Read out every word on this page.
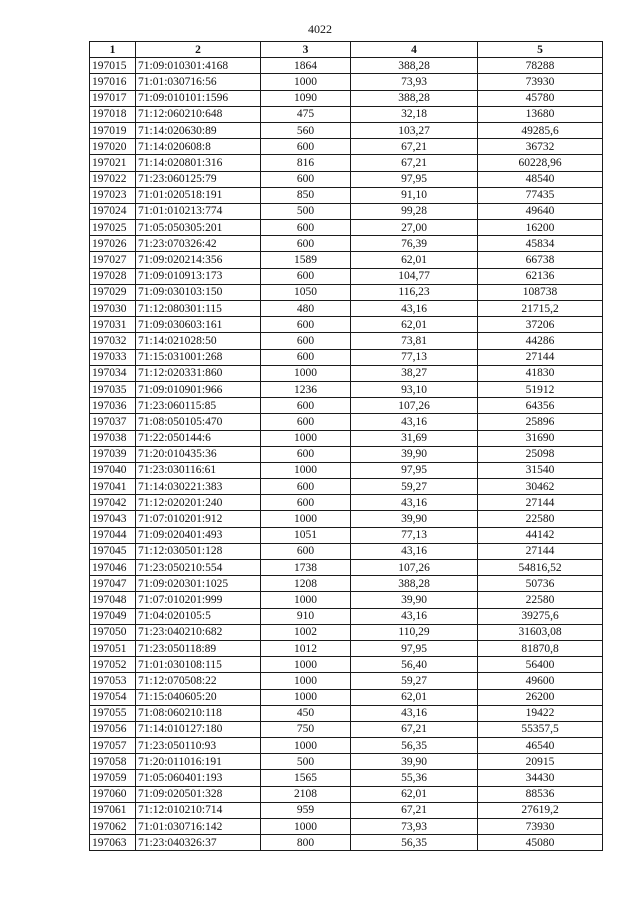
4022
1	2	3	4	5
197015	71:09:010301:4168	1864	388,28	78288
197016	71:01:030716:56	1000	73,93	73930
197017	71:09:010101:1596	1090	388,28	45780
197018	71:12:060210:648	475	32,18	13680
197019	71:14:020630:89	560	103,27	49285,6
197020	71:14:020608:8	600	67,21	36732
197021	71:14:020801:316	816	67,21	60228,96
197022	71:23:060125:79	600	97,95	48540
197023	71:01:020518:191	850	91,10	77435
197024	71:01:010213:774	500	99,28	49640
197025	71:05:050305:201	600	27,00	16200
197026	71:23:070326:42	600	76,39	45834
197027	71:09:020214:356	1589	62,01	66738
197028	71:09:010913:173	600	104,77	62136
197029	71:09:030103:150	1050	116,23	108738
197030	71:12:080301:115	480	43,16	21715,2
197031	71:09:030603:161	600	62,01	37206
197032	71:14:021028:50	600	73,81	44286
197033	71:15:031001:268	600	77,13	27144
197034	71:12:020331:860	1000	38,27	41830
197035	71:09:010901:966	1236	93,10	51912
197036	71:23:060115:85	600	107,26	64356
197037	71:08:050105:470	600	43,16	25896
197038	71:22:050144:6	1000	31,69	31690
197039	71:20:010435:36	600	39,90	25098
197040	71:23:030116:61	1000	97,95	31540
197041	71:14:030221:383	600	59,27	30462
197042	71:12:020201:240	600	43,16	27144
197043	71:07:010201:912	1000	39,90	22580
197044	71:09:020401:493	1051	77,13	44142
197045	71:12:030501:128	600	43,16	27144
197046	71:23:050210:554	1738	107,26	54816,52
197047	71:09:020301:1025	1208	388,28	50736
197048	71:07:010201:999	1000	39,90	22580
197049	71:04:020105:5	910	43,16	39275,6
197050	71:23:040210:682	1002	110,29	31603,08
197051	71:23:050118:89	1012	97,95	81870,8
197052	71:01:030108:115	1000	56,40	56400
197053	71:12:070508:22	1000	59,27	49600
197054	71:15:040605:20	1000	62,01	26200
197055	71:08:060210:118	450	43,16	19422
197056	71:14:010127:180	750	67,21	55357,5
197057	71:23:050110:93	1000	56,35	46540
197058	71:20:011016:191	500	39,90	20915
197059	71:05:060401:193	1565	55,36	34430
197060	71:09:020501:328	2108	62,01	88536
197061	71:12:010210:714	959	67,21	27619,2
197062	71:01:030716:142	1000	73,93	73930
197063	71:23:040326:37	800	56,35	45080
